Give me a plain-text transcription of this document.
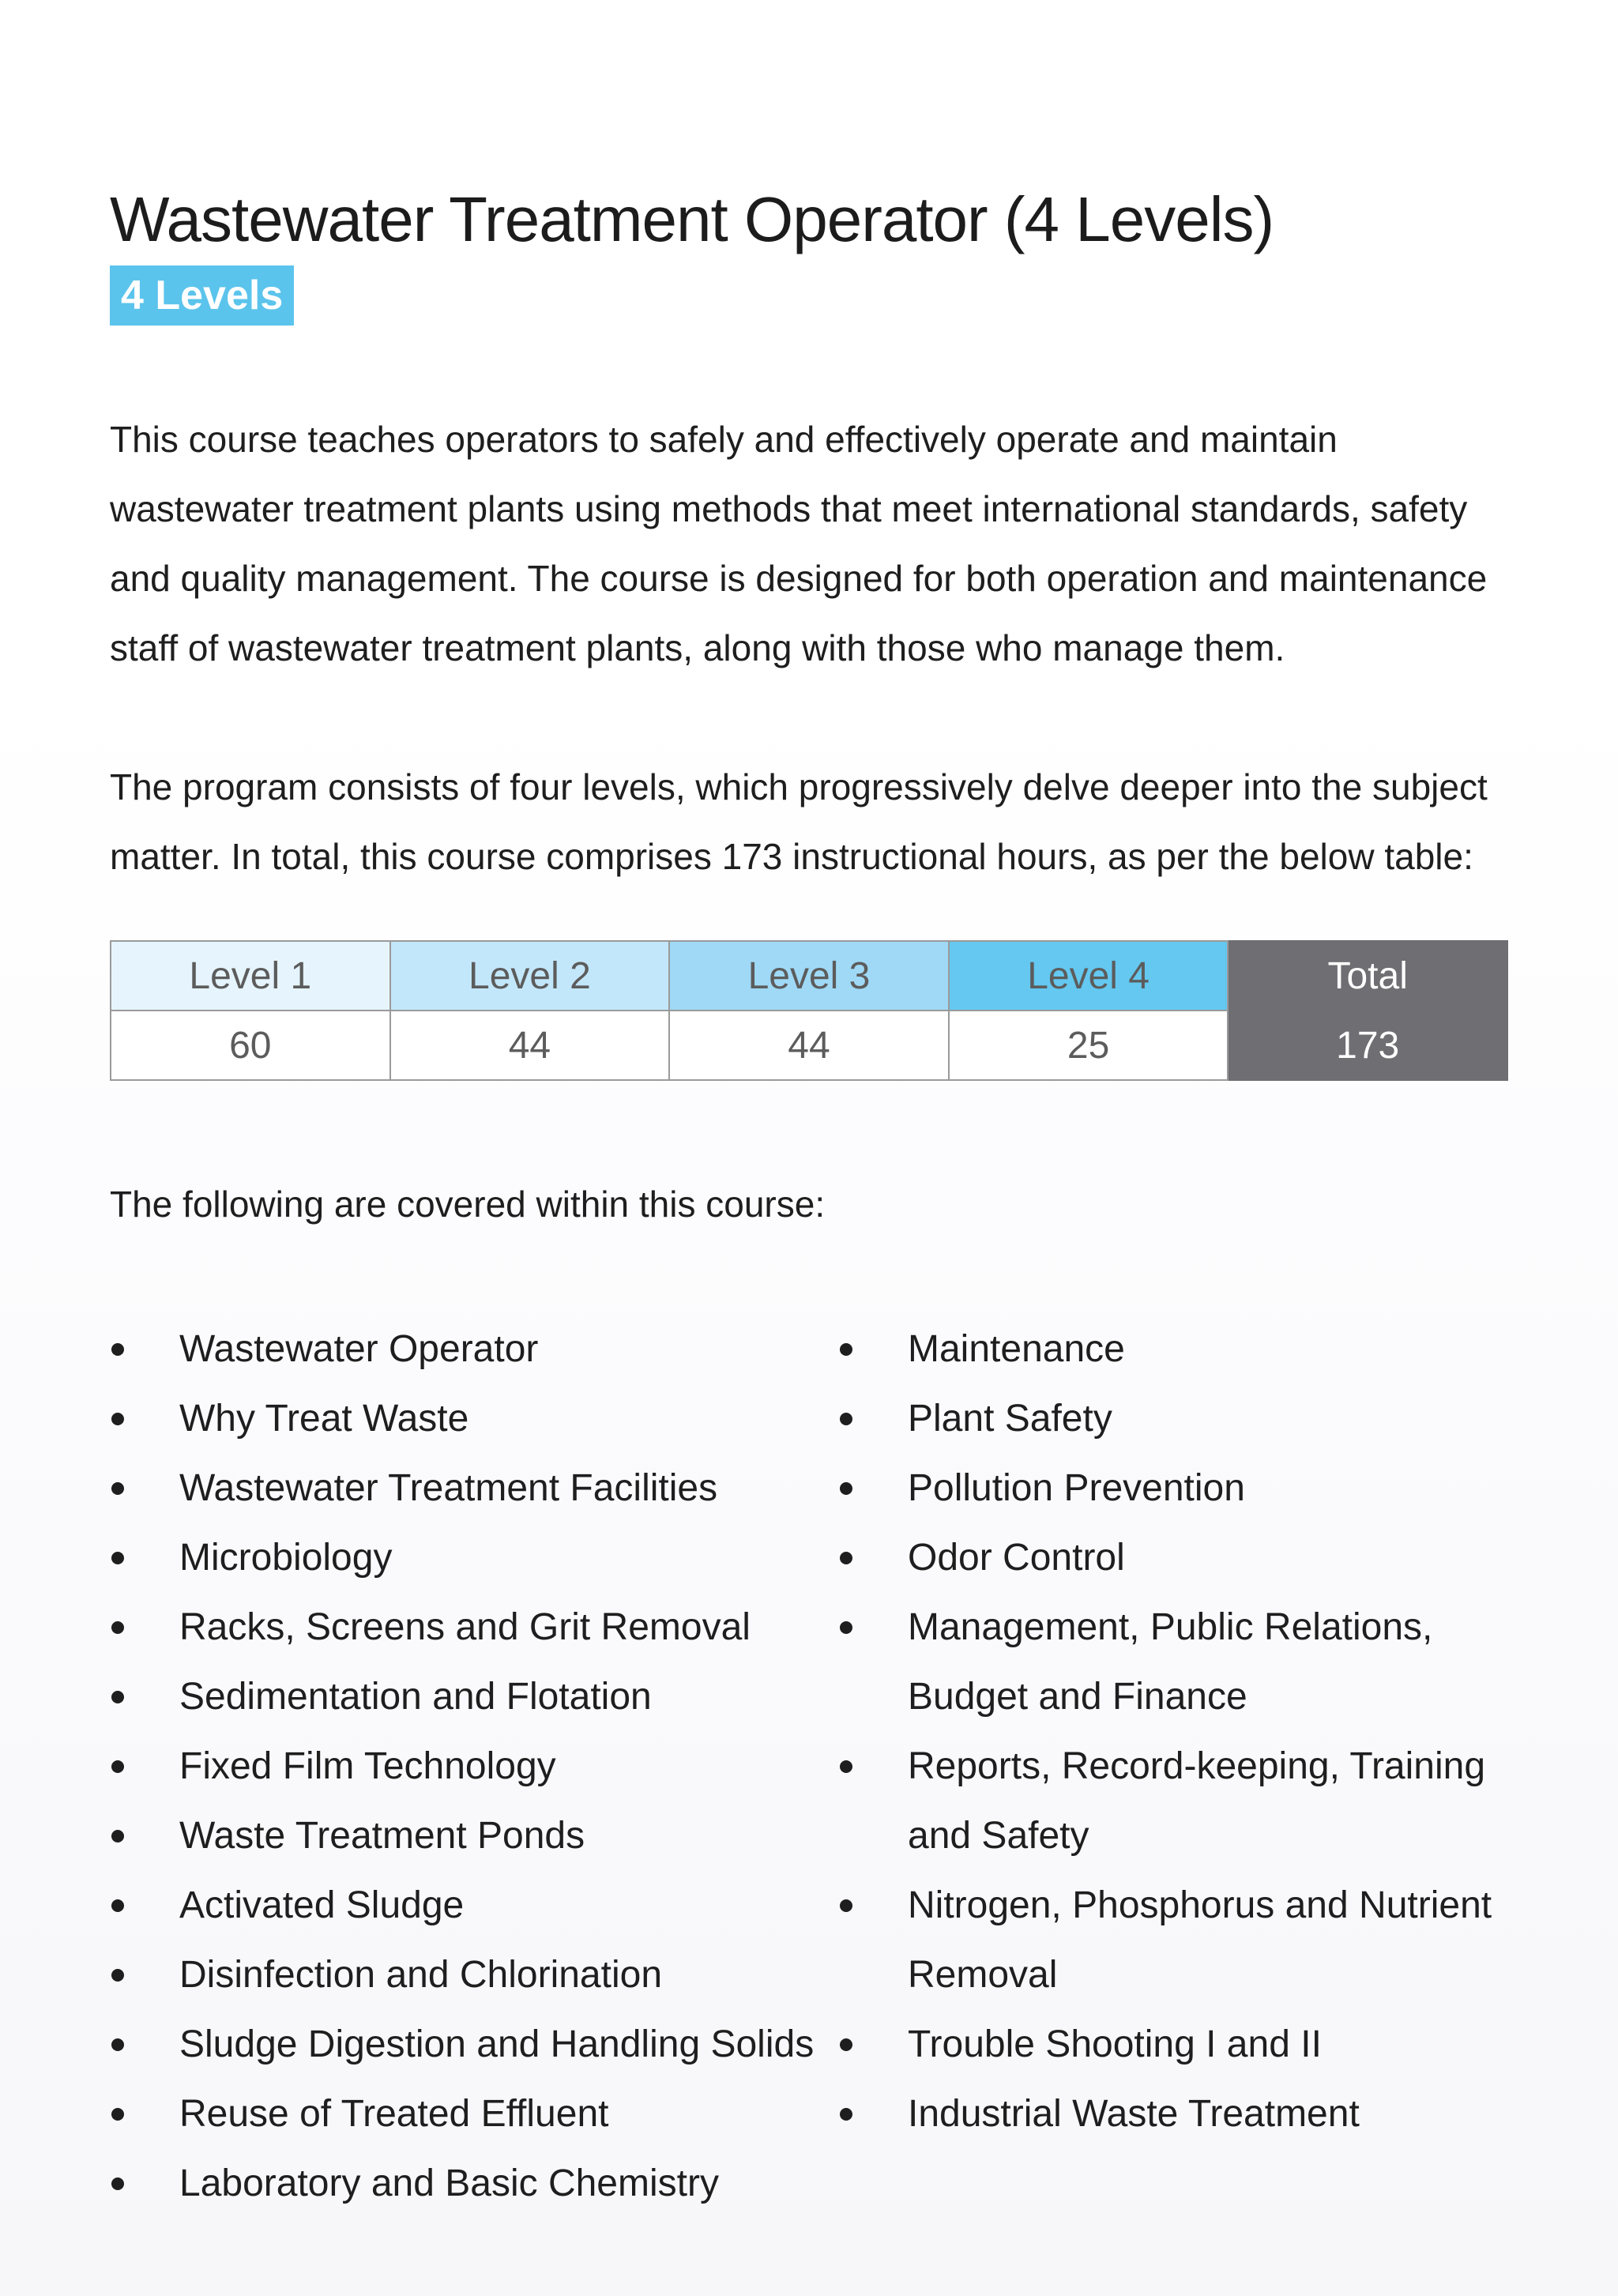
Wastewater Treatment Operator (4 Levels)
4 Levels

This course teaches operators to safely and effectively operate and maintain wastewater treatment plants using methods that meet international standards, safety and quality management. The course is designed for both operation and maintenance staff of wastewater treatment plants, along with those who manage them.

The program consists of four levels, which progressively delve deeper into the subject matter. In total, this course comprises 173 instructional hours, as per the below table:

Level 1	Level 2	Level 3	Level 4	Total
60	44	44	25	173

The following are covered within this course:

Wastewater Operator
Why Treat Waste
Wastewater Treatment Facilities
Microbiology
Racks, Screens and Grit Removal
Sedimentation and Flotation
Fixed Film Technology
Waste Treatment Ponds
Activated Sludge
Disinfection and Chlorination
Sludge Digestion and Handling Solids
Reuse of Treated Effluent
Laboratory and Basic Chemistry
Maintenance
Plant Safety
Pollution Prevention
Odor Control
Management, Public Relations, Budget and Finance
Reports, Record-keeping, Training and Safety
Nitrogen, Phosphorus and Nutrient Removal
Trouble Shooting I and II
Industrial Waste Treatment
